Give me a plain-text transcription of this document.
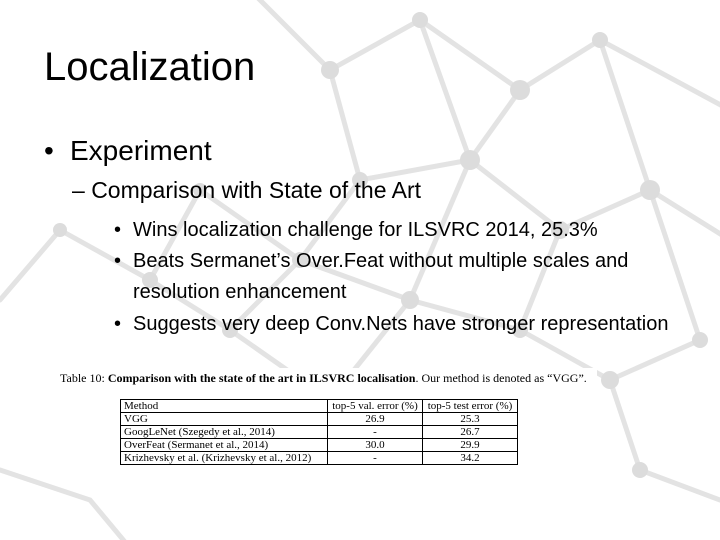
Localization
• Experiment
– Comparison with State of the Art
• Wins localization challenge for ILSVRC 2014, 25.3%
• Beats Sermanet’s Over.Feat without multiple scales and resolution enhancement
• Suggests very deep Conv.Nets have stronger representation
Table 10: Comparison with the state of the art in ILSVRC localisation. Our method is denoted as “VGG”.
Method	top-5 val. error (%)	top-5 test error (%)
VGG	26.9	25.3
GoogLeNet (Szegedy et al., 2014)	-	26.7
OverFeat (Sermanet et al., 2014)	30.0	29.9
Krizhevsky et al. (Krizhevsky et al., 2012)	-	34.2
